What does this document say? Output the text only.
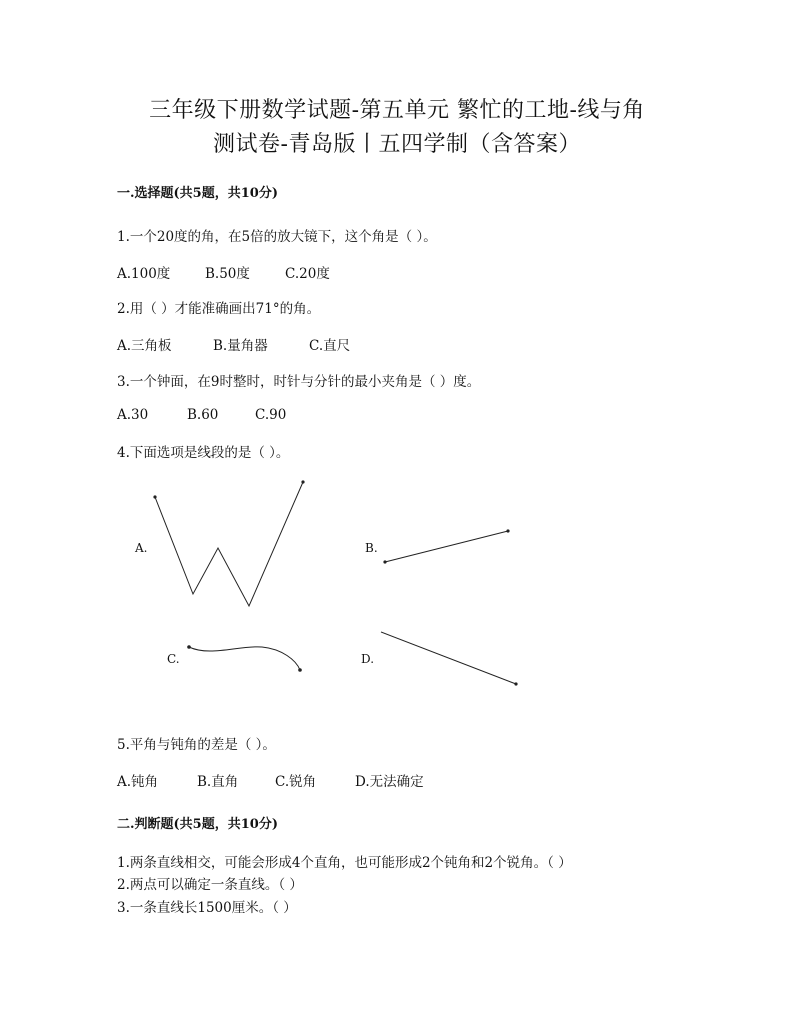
三年级下册数学试题-第五单元 繁忙的工地-线与角
测试卷-青岛版丨五四学制（含答案）

一.选择题(共5题，共10分)

1.一个20度的角，在5倍的放大镜下，这个角是（ ）。

A.100度	B.50度	C.20度

2.用（ ）才能准确画出71°的角。

A.三角板	B.量角器	C.直尺

3.一个钟面，在9时整时，时针与分针的最小夹角是（ ）度。

A.30	B.60	C.90

4.下面选项是线段的是（ ）。

A.	B.
C.	D.

5.平角与钝角的差是（ ）。

A.钝角	B.直角	C.锐角	D.无法确定

二.判断题(共5题，共10分)

1.两条直线相交，可能会形成4个直角，也可能形成2个钝角和2个锐角。（ ）

2.两点可以确定一条直线。（ ）

3.一条直线长1500厘米。（ ）
